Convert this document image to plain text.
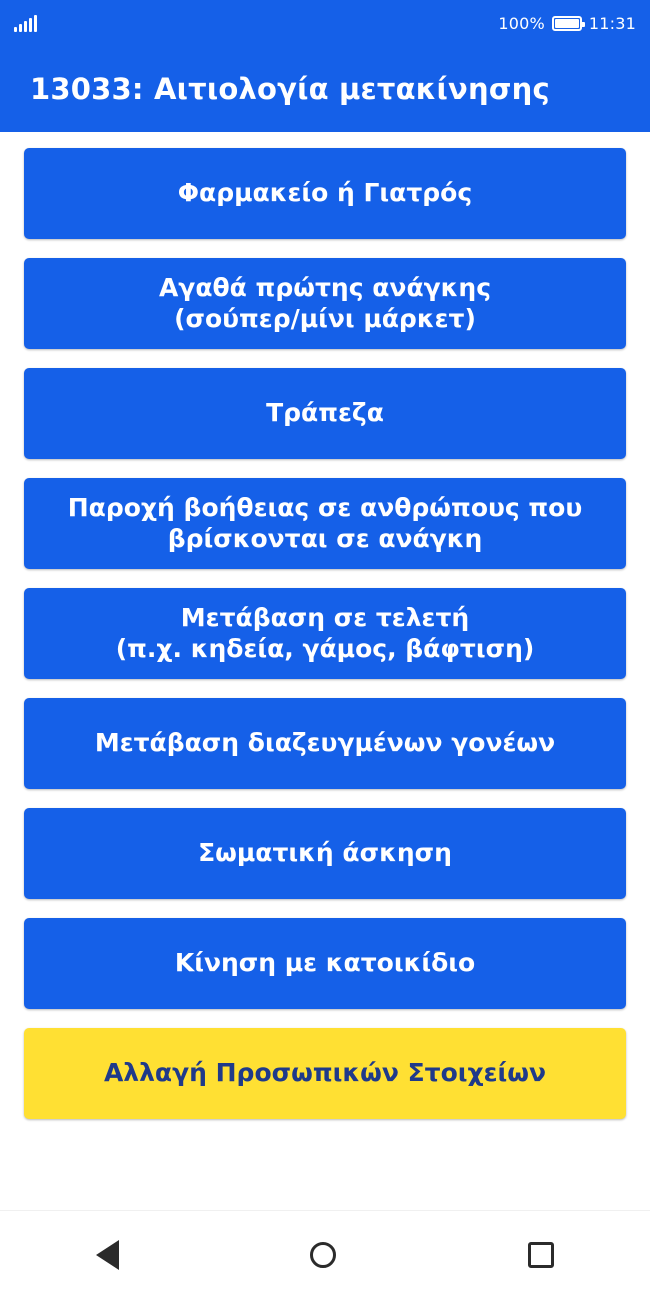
100%	11:31
13033: Αιτιολογία μετακίνησης
Φαρμακείο ή Γιατρός
Αγαθά πρώτης ανάγκης
(σούπερ/μίνι μάρκετ)
Τράπεζα
Παροχή βοήθειας σε ανθρώπους που
βρίσκονται σε ανάγκη
Μετάβαση σε τελετή
(π.χ. κηδεία, γάμος, βάφτιση)
Μετάβαση διαζευγμένων γονέων
Σωματική άσκηση
Κίνηση με κατοικίδιο
Αλλαγή Προσωπικών Στοιχείων
